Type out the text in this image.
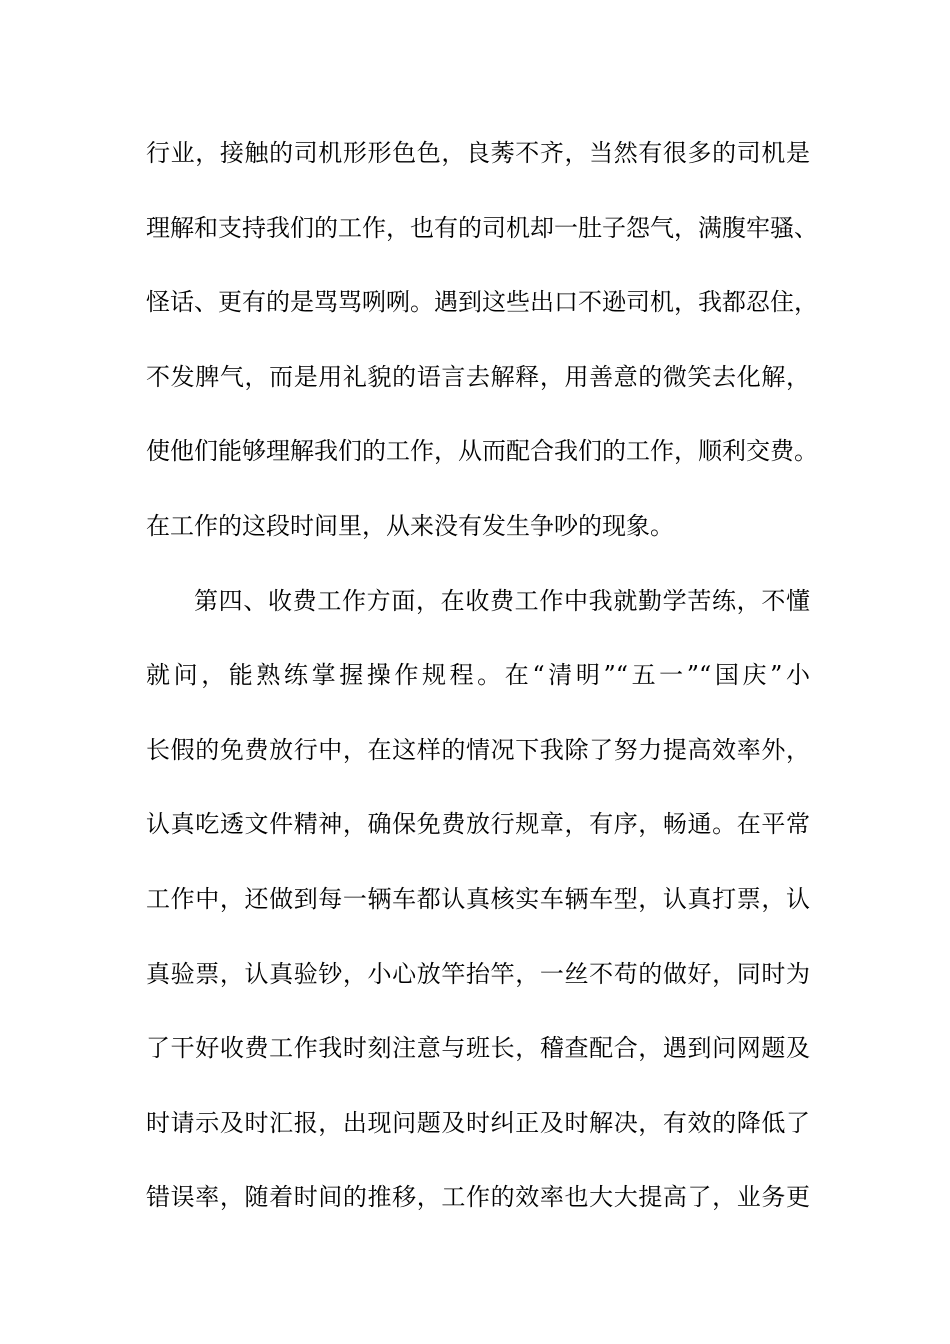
行业，接触的司机形形色色，良莠不齐，当然有很多的司机是
理解和支持我们的工作，也有的司机却一肚子怨气，满腹牢骚、
怪话、更有的是骂骂咧咧。遇到这些出口不逊司机，我都忍住，
不发脾气，而是用礼貌的语言去解释，用善意的微笑去化解，
使他们能够理解我们的工作，从而配合我们的工作，顺利交费。
在工作的这段时间里，从来没有发生争吵的现象。
第四、收费工作方面，在收费工作中我就勤学苦练，不懂
就问，能熟练掌握操作规程。在“清明”“五一”“国庆”小
长假的免费放行中，在这样的情况下我除了努力提高效率外，
认真吃透文件精神，确保免费放行规章，有序，畅通。在平常
工作中，还做到每一辆车都认真核实车辆车型，认真打票，认
真验票，认真验钞，小心放竿抬竿，一丝不苟的做好，同时为
了干好收费工作我时刻注意与班长，稽查配合，遇到问网题及
时请示及时汇报，出现问题及时纠正及时解决，有效的降低了
错误率，随着时间的推移，工作的效率也大大提高了，业务更
